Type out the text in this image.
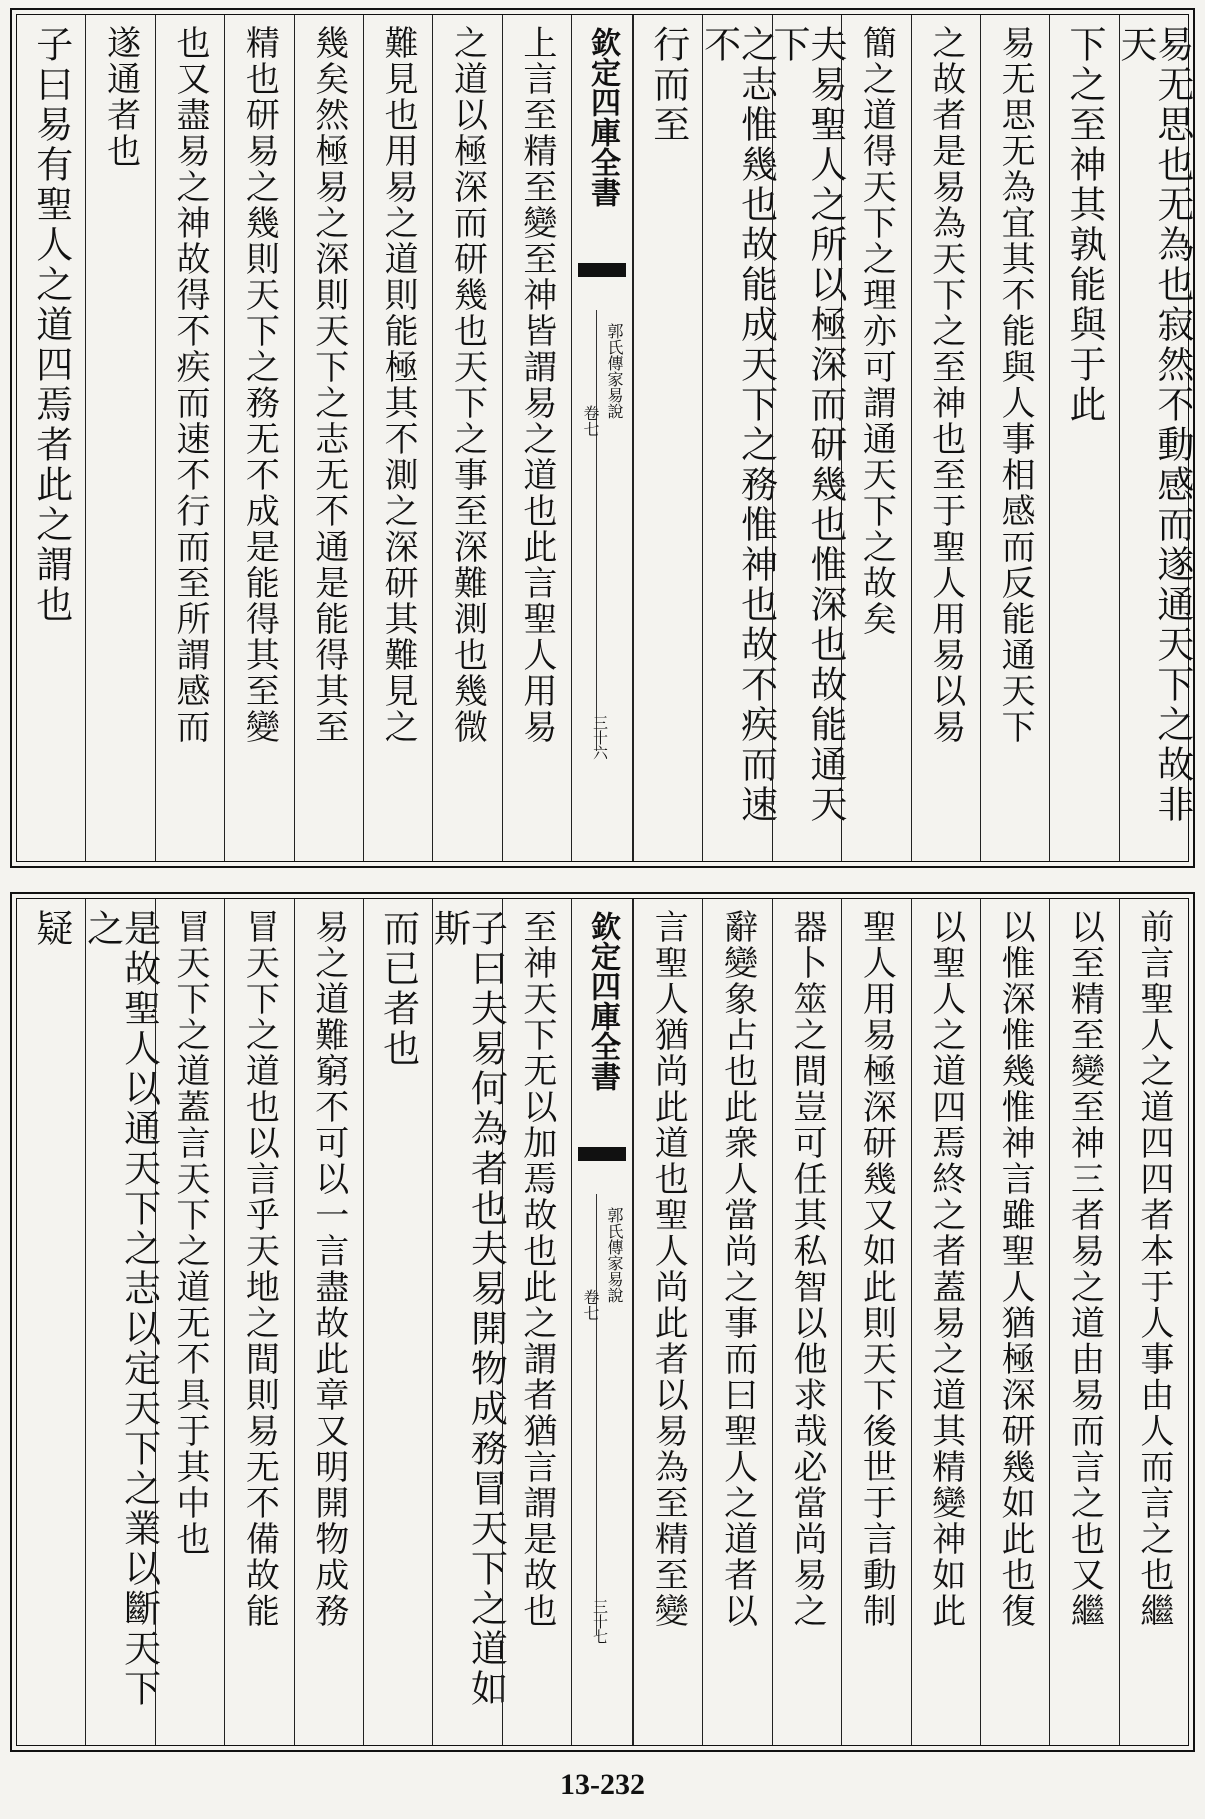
易无思也无為也寂然不動感而遂通天下之故非天
下之至神其孰能與于此
易无思无為宜其不能與人事相感而反能通天下
之故者是易為天下之至神也至于聖人用易以易
簡之道得天下之理亦可謂通天下之故矣
夫易聖人之所以極深而研幾也惟深也故能通天下
之志惟幾也故能成天下之務惟神也故不疾而速不
行而至
欽定四庫全書
郭氏傳家易說
卷七
三十六
上言至精至變至神皆謂易之道也此言聖人用易
之道以極深而研幾也天下之事至深難測也幾微
難見也用易之道則能極其不測之深研其難見之
幾矣然極易之深則天下之志无不通是能得其至
精也研易之幾則天下之務无不成是能得其至變
也又盡易之神故得不疾而速不行而至所謂感而
遂通者也
子曰易有聖人之道四焉者此之謂也
前言聖人之道四四者本于人事由人而言之也繼
以至精至變至神三者易之道由易而言之也又繼
以惟深惟幾惟神言雖聖人猶極深研幾如此也復
以聖人之道四焉終之者蓋易之道其精變神如此
聖人用易極深研幾又如此則天下後世于言動制
器卜筮之間豈可任其私智以他求哉必當尚易之
辭變象占也此衆人當尚之事而曰聖人之道者以
言聖人猶尚此道也聖人尚此者以易為至精至變
欽定四庫全書
郭氏傳家易說
卷七
三十七
至神天下无以加焉故也此之謂者猶言謂是故也
子曰夫易何為者也夫易開物成務冒天下之道如斯
而已者也
易之道難窮不可以一言盡故此章又明開物成務
冒天下之道也以言乎天地之間則易无不備故能
冒天下之道蓋言天下之道无不具于其中也
是故聖人以通天下之志以定天下之業以斷天下之
疑
13-232
